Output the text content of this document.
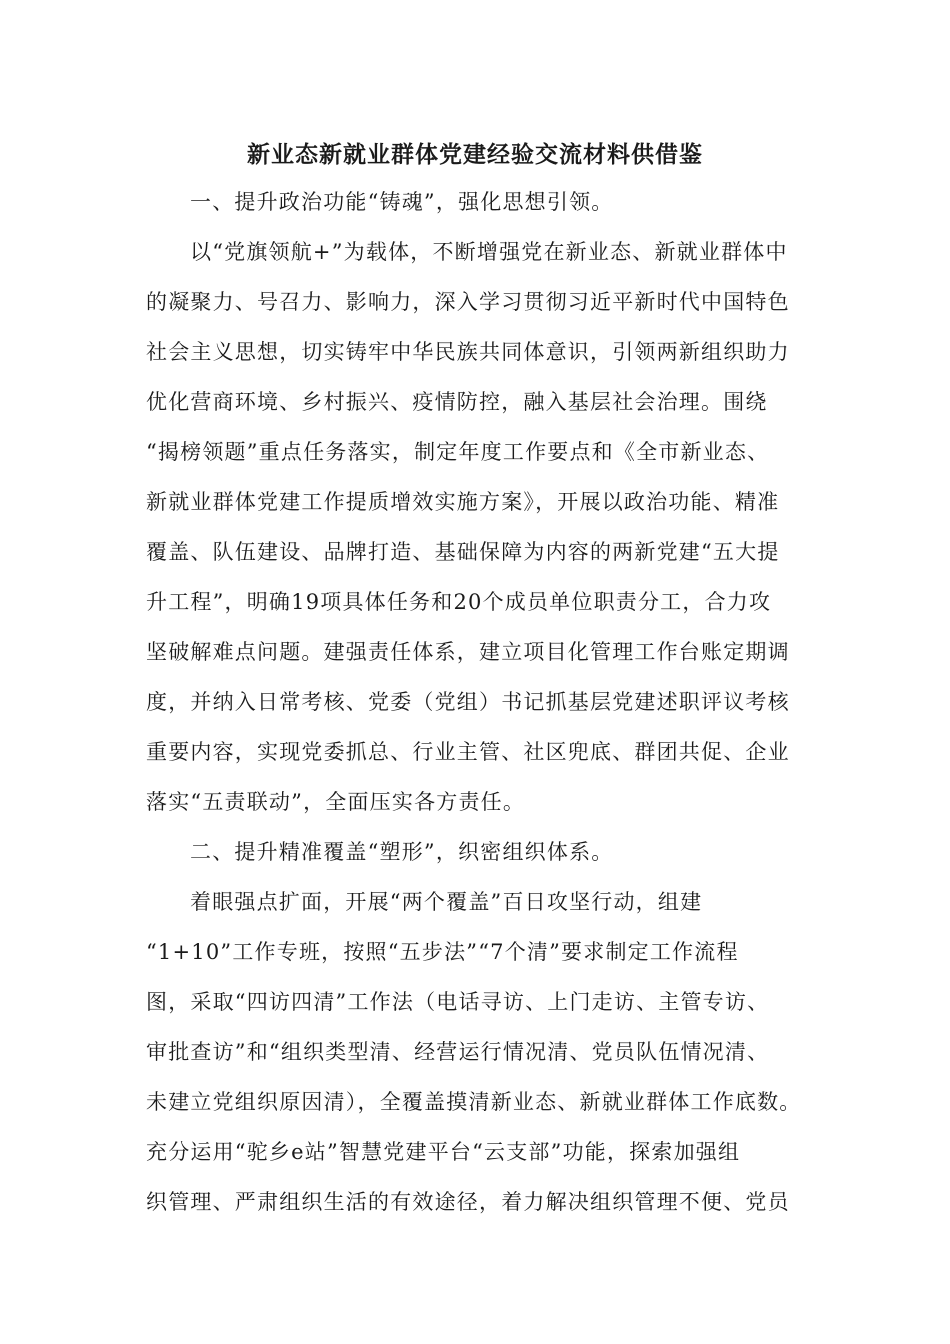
新业态新就业群体党建经验交流材料供借鉴

一、提升政治功能“铸魂”，强化思想引领。

以“党旗领航+”为载体，不断增强党在新业态、新就业群体中

的凝聚力、号召力、影响力，深入学习贯彻习近平新时代中国特色

社会主义思想，切实铸牢中华民族共同体意识，引领两新组织助力

优化营商环境、乡村振兴、疫情防控，融入基层社会治理。围绕

“揭榜领题”重点任务落实，制定年度工作要点和《全市新业态、

新就业群体党建工作提质增效实施方案》，开展以政治功能、精准

覆盖、队伍建设、品牌打造、基础保障为内容的两新党建“五大提

升工程”，明确19项具体任务和20个成员单位职责分工，合力攻

坚破解难点问题。建强责任体系，建立项目化管理工作台账定期调

度，并纳入日常考核、党委（党组）书记抓基层党建述职评议考核

重要内容，实现党委抓总、行业主管、社区兜底、群团共促、企业

落实“五责联动”，全面压实各方责任。

二、提升精准覆盖“塑形”，织密组织体系。

着眼强点扩面，开展“两个覆盖”百日攻坚行动，组建

“1+10”工作专班，按照“五步法”“7个清”要求制定工作流程

图，采取“四访四清”工作法（电话寻访、上门走访、主管专访、

审批查访”和“组织类型清、经营运行情况清、党员队伍情况清、

未建立党组织原因清），全覆盖摸清新业态、新就业群体工作底数。

充分运用“驼乡e站”智慧党建平台“云支部”功能，探索加强组

织管理、严肃组织生活的有效途径，着力解决组织管理不便、党员
